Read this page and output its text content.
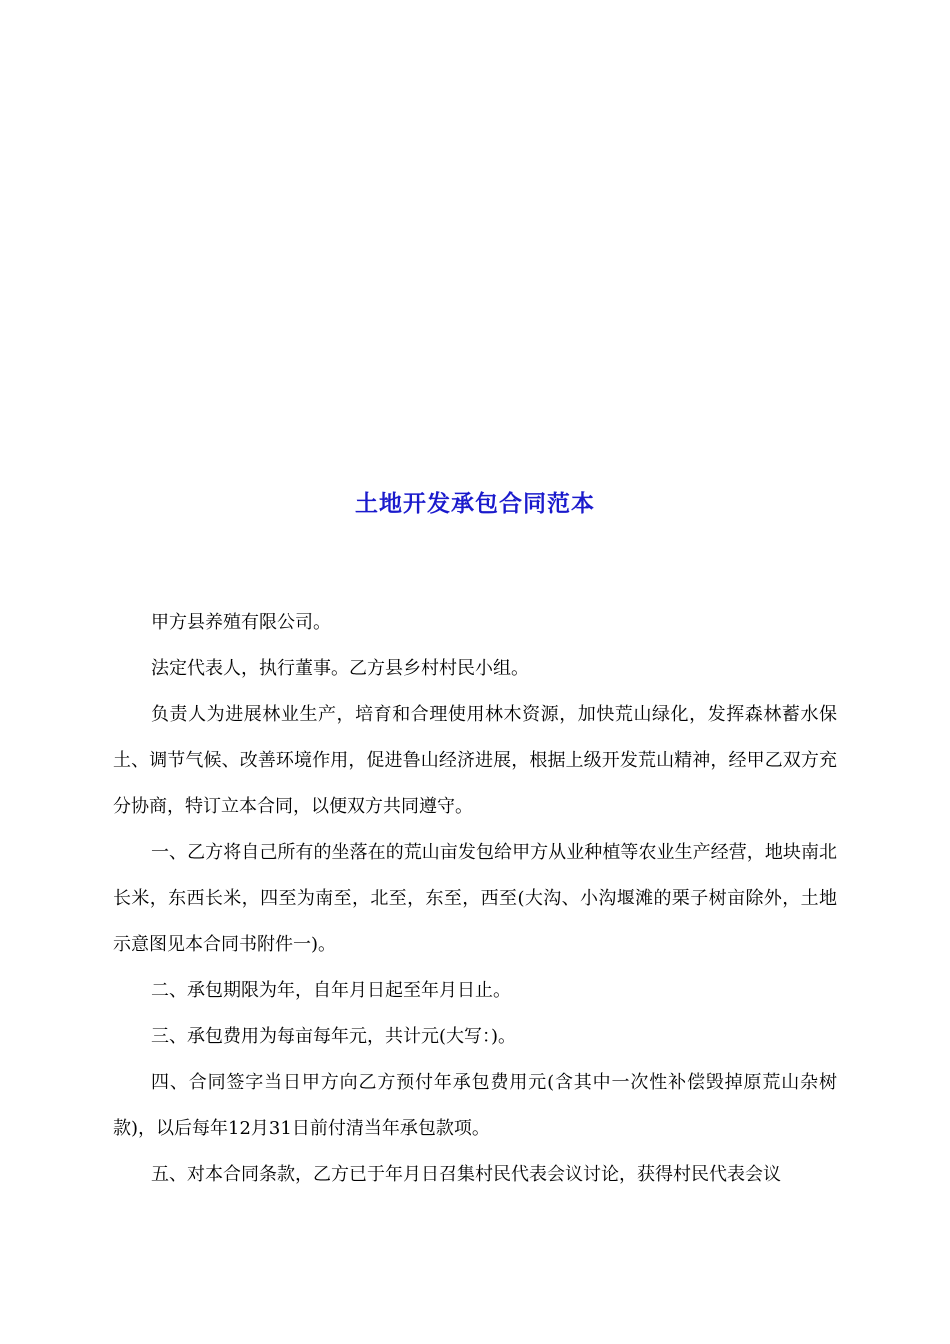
土地开发承包合同范本

甲方县养殖有限公司。

法定代表人，执行董事。乙方县乡村村民小组。

负责人为进展林业生产，培育和合理使用林木资源，加快荒山绿化，发挥森林蓄水保土、调节气候、改善环境作用，促进鲁山经济进展，根据上级开发荒山精神，经甲乙双方充分协商，特订立本合同，以便双方共同遵守。

一、乙方将自己所有的坐落在的荒山亩发包给甲方从业种植等农业生产经营，地块南北长米，东西长米，四至为南至，北至，东至，西至(大沟、小沟堰滩的栗子树亩除外，土地示意图见本合同书附件一)。

二、承包期限为年，自年月日起至年月日止。

三、承包费用为每亩每年元，共计元(大写：)。

四、合同签字当日甲方向乙方预付年承包费用元(含其中一次性补偿毁掉原荒山杂树款)，以后每年12月31日前付清当年承包款项。

五、对本合同条款，乙方已于年月日召集村民代表会议讨论，获得村民代表会议
